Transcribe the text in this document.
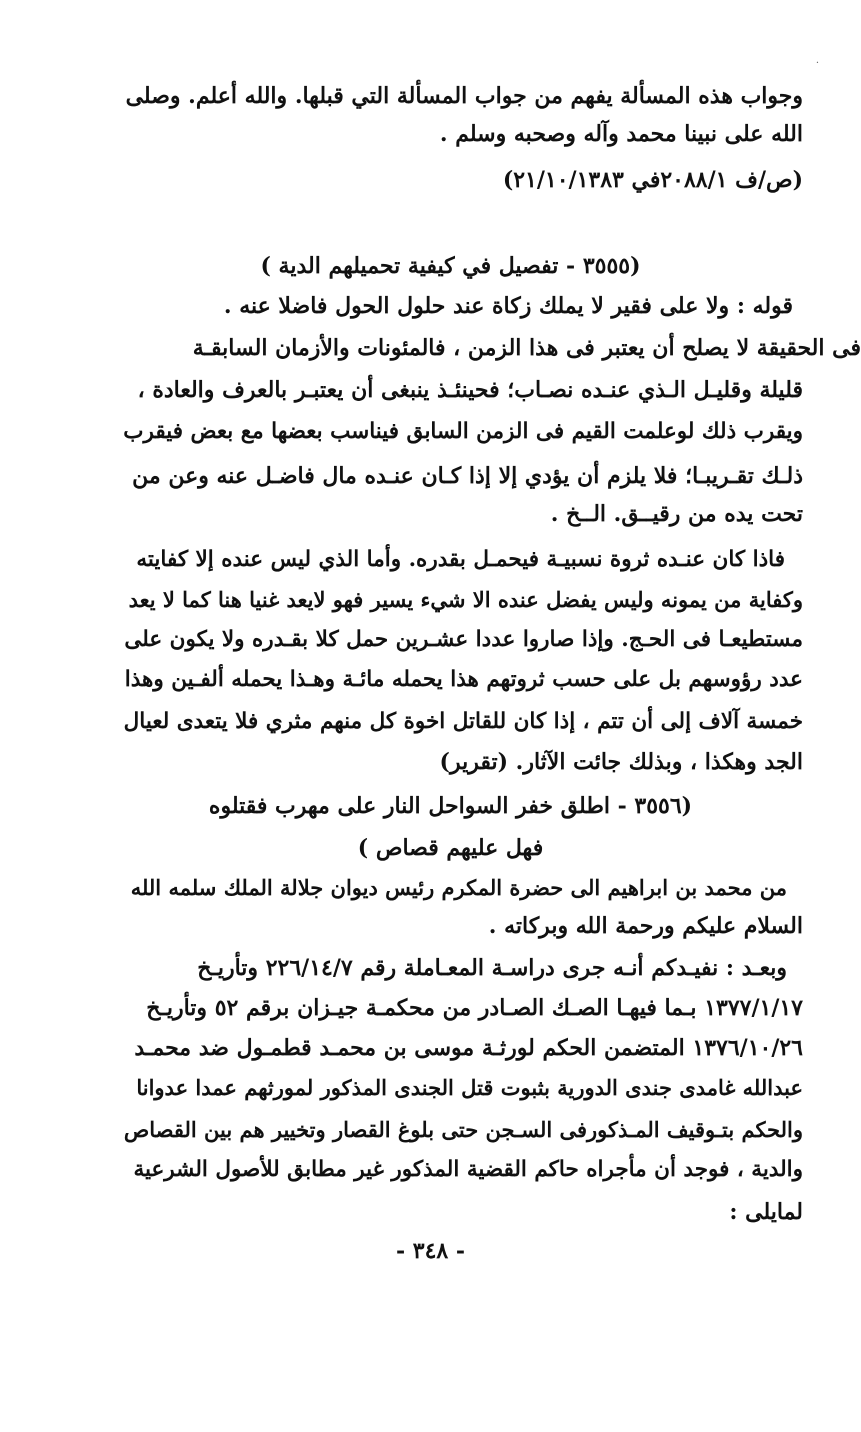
·
وجواب هذه المسألة يفهم من جواب المسألة التي قبلها. والله أعلم. وصلى
الله على نبينا محمد وآله وصحبه وسلم .
(ص/ف ٢٠٨٨/١في ٢١/١٠/١٣٨٣)
(٣٥٥٥ - تفصيل في كيفية تحميلهم الدية )
قوله : ولا على فقير لا يملك زكاة عند حلول الحول فاضلا عنه .
فى الحقيقة لا يصلح أن يعتبر فى هذا الزمن ، فالمئونات والأزمان السابقـة
قليلة وقليـل الـذي عنـده نصـاب؛ فحينئـذ ينبغى أن يعتبـر بالعرف والعادة ،
ويقرب ذلك لوعلمت القيم فى الزمن السابق فيناسب بعضها مع بعض فيقرب
ذلـك تقـريبـا؛ فلا يلزم أن يؤدي إلا إذا كـان عنـده مال فاضـل عنه وعن من
تحت يده من رقيــق. الــخ .
فاذا كان عنـده ثروة نسبيـة فيحمـل بقدره. وأما الذي ليس عنده إلا كفايته
وكفاية من يمونه وليس يفضل عنده الا شيء يسير فهو لايعد غنيا هنا كما لا يعد
مستطيعـا فى الحـج. وإذا صاروا عددا عشـرين حمل كلا بقـدره ولا يكون على
عدد رؤوسهم بل على حسب ثروتهم هذا يحمله مائـة وهـذا يحمله ألفـين وهذا
خمسة آلاف إلى أن تتم ، إذا كان للقاتل اخوة كل منهم مثري فلا يتعدى لعيال
الجد وهكذا ، وبذلك جائت الآثار. (تقرير)
(٣٥٥٦ - اطلق خفر السواحل النار على مهرب فقتلوه
فهل عليهم قصاص )
من محمد بن ابراهيم الى حضرة المكرم رئيس ديوان جلالة الملك سلمه الله
السلام عليكم ورحمة الله وبركاته .
وبعـد : نفيـدكم أنـه جرى دراسـة المعـاملة رقم ٢٢٦/١٤/٧ وتأريـخ
١٣٧٧/١/١٧ بـما فيهـا الصـك الصـادر من محكمـة جيـزان برقم ٥٢ وتأريـخ
١٣٧٦/١٠/٢٦ المتضمن الحكم لورثـة موسى بن محمـد قطمـول ضد محمـد
عبدالله غامدى جندى الدورية بثبوت قتل الجندى المذكور لمورثهم عمدا عدوانا
والحكم بتـوقيف المـذكورفى السـجن حتى بلوغ القصار وتخيير هم بين القصاص
والدية ، فوجد أن مأجراه حاكم القضية المذكور غير مطابق للأصول الشرعية
لمايلى :
- ٣٤٨ -
